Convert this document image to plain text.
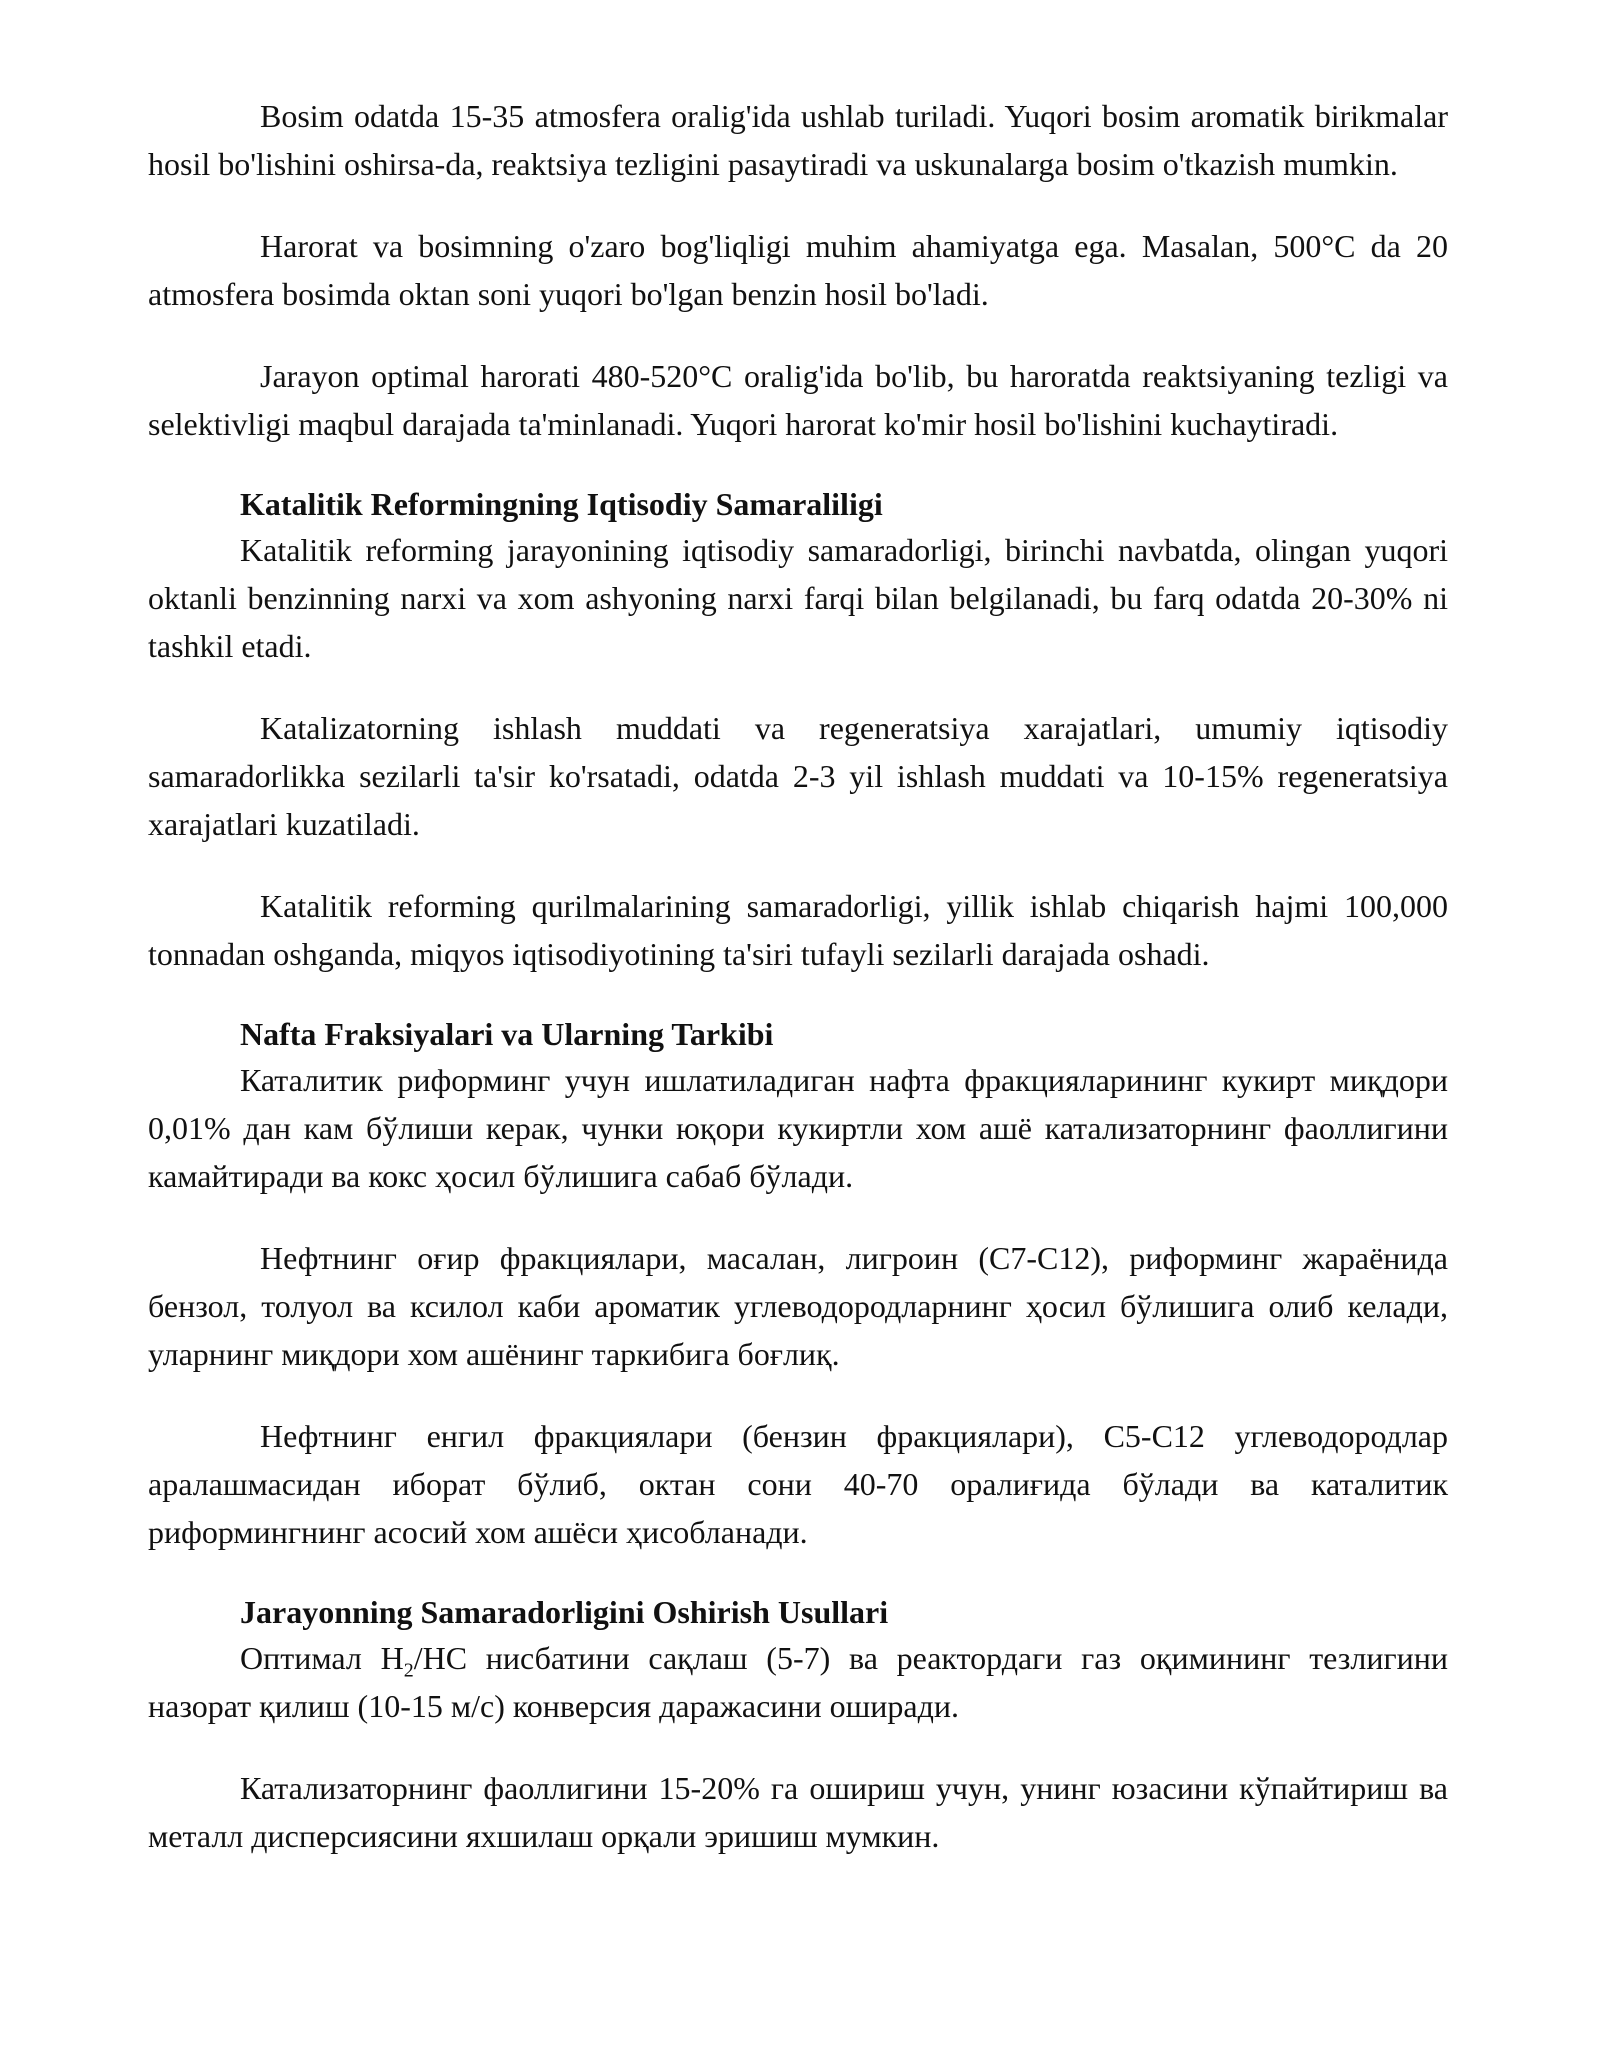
Bosim odatda 15-35 atmosfera oralig'ida ushlab turiladi. Yuqori bosim aromatik birikmalar hosil bo'lishini oshirsa-da, reaktsiya tezligini pasaytiradi va uskunalarga bosim o'tkazish mumkin.

Harorat va bosimning o'zaro bog'liqligi muhim ahamiyatga ega. Masalan, 500°C da 20 atmosfera bosimda oktan soni yuqori bo'lgan benzin hosil bo'ladi.

Jarayon optimal harorati 480-520°C oralig'ida bo'lib, bu haroratda reaktsiyaning tezligi va selektivligi maqbul darajada ta'minlanadi. Yuqori harorat ko'mir hosil bo'lishini kuchaytiradi.

Katalitik Reformingning Iqtisodiy Samaraliligi

Katalitik reforming jarayonining iqtisodiy samaradorligi, birinchi navbatda, olingan yuqori oktanli benzinning narxi va xom ashyoning narxi farqi bilan belgilanadi, bu farq odatda 20-30% ni tashkil etadi.

Katalizatorning ishlash muddati va regeneratsiya xarajatlari, umumiy iqtisodiy samaradorlikka sezilarli ta'sir ko'rsatadi, odatda 2-3 yil ishlash muddati va 10-15% regeneratsiya xarajatlari kuzatiladi.

Katalitik reforming qurilmalarining samaradorligi, yillik ishlab chiqarish hajmi 100,000 tonnadan oshganda, miqyos iqtisodiyotining ta'siri tufayli sezilarli darajada oshadi.

Nafta Fraksiyalari va Ularning Tarkibi

Каталитик риформинг учун ишлатиладиган нафта фракцияларининг кукирт миқдори 0,01% дан кам бўлиши керак, чунки юқори кукиртли хом ашё катализаторнинг фаоллигини камайтиради ва кокс ҳосил бўлишига сабаб бўлади.

Нефтнинг оғир фракциялари, масалан, лигроин (C7-C12), риформинг жараёнида бензол, толуол ва ксилол каби ароматик углеводородларнинг ҳосил бўлишига олиб келади, уларнинг миқдори хом ашёнинг таркибига боғлиқ.

Нефтнинг енгил фракциялари (бензин фракциялари), C5-C12 углеводородлар аралашмасидан иборат бўлиб, октан сони 40-70 оралиғида бўлади ва каталитик риформингнинг асосий хом ашёси ҳисобланади.

Jarayonning Samaradorligini Oshirish Usullari

Оптимал $H_2/HC$ нисбатини сақлаш (5-7) ва реактордаги газ оқимининг тезлигини назорат қилиш (10-15 м/с) конверсия даражасини оширади.

Катализаторнинг фаоллигини 15-20% га ошириш учун, унинг юзасини кўпайтириш ва металл дисперсиясини яхшилаш орқали эришиш мумкин.
